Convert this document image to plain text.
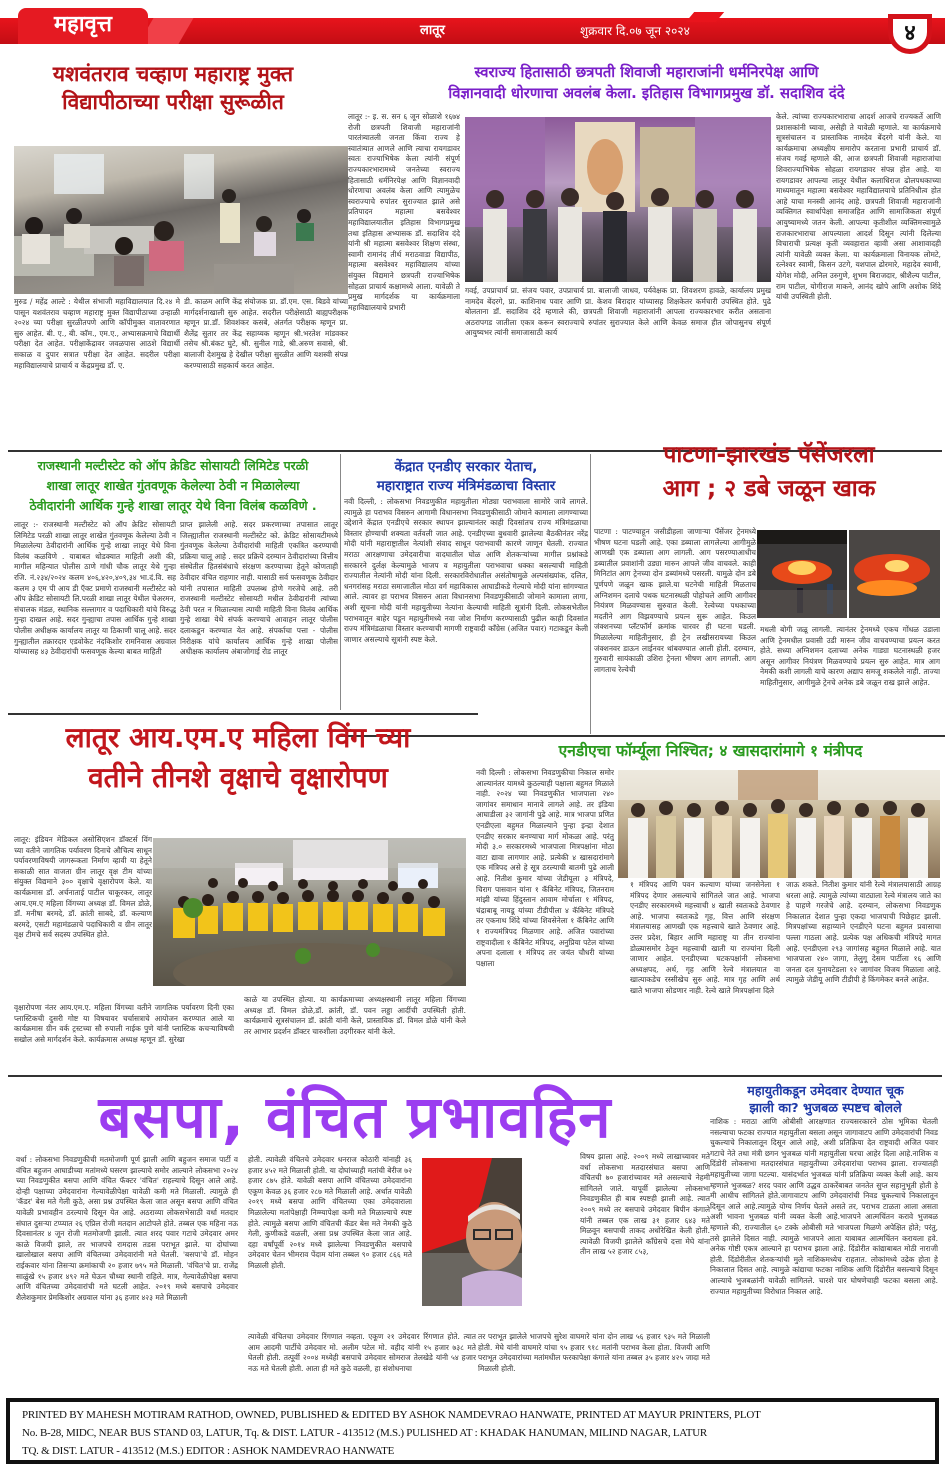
महावृत्त	लातूर	शुक्रवार दि.०७ जून २०२४	४
यशवंतराव चव्हाण महाराष्ट्र मुक्त
विद्यापीठाच्या परीक्षा सुरूळीत
मुरुड / महेंद्र आल्टे : येथील संभाजी महाविद्यालयात दि.२४ मे पासून यशवंतराव चव्हाण महाराष्ट्र मुक्त विद्यापीठाच्या उन्हाळी २०२४ च्या परीक्षा सुरळीतपणे आणि कॉपीमुक्त वातावरणात सुरु आहेत. बी. ए., बी. कॉम., एम.ए., अभ्यासक्रमाचे विद्यार्थी परीक्षा देत आहेत. परीक्षाकेंद्रावर जवळपास आठशे विद्यार्थी सकाळ व दुपार सत्रात परीक्षा देत आहेत. सदरील परीक्षा महाविद्यालयाचे प्राचार्य व केंद्रप्रमुख डॉ. ए.
डी. काळम आणि केंद्र संयोजक प्रा. डॉ.एम. एस. बिडवे यांच्या मार्गदर्शनाखाली सुरु आहेत. सदरील परीक्षेसाठी बाह्यपरीक्षक म्हणून प्रा.डॉ. शिवशंकर कसबे, अंतर्गत परीक्षक म्हणून प्रा. शैलेंद्र सुतार तर केंद्र सहाय्यक म्हणून श्री.भरतेश मांडवकर तसेच श्री.बंकट घुटे, श्री. सुनील गाडे, श्री.अरुण सवासे, श्री. बालाजी देशमुख हे देखील परीक्षा सुरळीत आणि यशस्वी संपन्न करण्यासाठी सहकार्य करत आहेत.
स्वराज्य हितासाठी छत्रपती शिवाजी महाराजांनी धर्मनिरपेक्ष आणि
विज्ञानवादी धोरणाचा अवलंब केला. इतिहास विभागप्रमुख डॉ. सदाशिव दंदे
लातूर :- इ. स. सन ६ जून सोळाशे १६७४ रोजी छत्रपती शिवाजी महाराजांनी पारतंत्र्यातली जनता किंवा राज्य हे स्वातंत्र्यात आणले आणि त्याचा रायगडावर स्वतः राज्याभिषेक केला त्यांनी संपूर्ण राज्यकारभारामध्ये जनतेच्या स्वराज्य हितासाठी धर्मनिरपेक्ष आणि विज्ञानवादी धोरणाचा अवलंब केला आणि त्यामुळेच स्वराज्याचे रुपांतर सुराज्यात झाले असे प्रतिपादन महात्मा बसवेश्वर महाविद्यालयातील इतिहास विभागप्रमुख तथा इतिहास अभ्यासक डॉ. सदाशिव दंदे यांनी श्री महात्मा बसवेश्वर शिक्षण संस्था, स्वामी रामानंद तीर्थ मराठवाडा विद्यापीठ, महात्मा बसवेश्वर महाविद्यालय यांच्या संयुक्त विद्यमाने छत्रपती राज्याभिषेक सोहळा प्राचार्य कक्षामध्ये आला. यावेळी ते प्रमुख मार्गदर्शक या कार्यक्रमाला महाविद्यालयाचे प्रभारी
गवई, उपप्राचार्य प्रा. संजय पवार, उपप्राचार्य प्रा. बालाजी जाधव, पर्यवेक्षक प्रा. शिवशरण हावळे, कार्यालय प्रमुख नामदेव बेंदरगे, प्रा. काशिनाथ पवार आणि प्रा. केशव बिरादार यांच्यासह शिक्षकेतर कर्मचारी उपस्थित होते. पुढे बोलताना डॉ. सदाशिव दंदे म्हणाले की, छत्रपती शिवाजी महाराजांनी आपला राज्यकारभार करीत असताना अठरापगड जातीला एकत्र करून स्वराज्याचे रुपांतर सुराज्यात केले आणि केवळ समाज हीत जोपासुनच संपूर्ण आयुष्यभर त्यांनी समाजासाठी कार्य
केले. त्यांच्या राज्यकारभाराचा आदर्श आजचे राज्यकर्ते आणि प्रशासकांनी घ्यावा, असेही ते यावेळी म्हणाले. या कार्यक्रमाचे सूत्रसंचालन व प्रास्ताविक नामदेव बेंदरगे यांनी केले. या कार्यक्रमाचा अध्यक्षीय समारोप करताना प्रभारी प्राचार्य डॉ. संजय गवई म्हणाले की, आज छत्रपती शिवाजी महाराजांचा शिवराज्याभिषेक सोहळा रायगडावर संपन्न होत आहे. या रायगडावर आपल्या लातूर येथील कलाधिराज ढोलपथकाच्या माध्यमातून महात्मा बसवेश्वर महाविद्यालयाचे प्रतिनिधीत्व होत आहे याचा मनस्वी आनंद आहे. छत्रपती शिवाजी महाराजांनी व्यक्तिगत स्वार्थापेक्षा समाजहित आणि सामाजिकता संपूर्ण आयुष्यामध्ये जतन केली. आपल्या कृतीशील व्यक्तिमत्त्वामुळे राजकारभाराचा आपल्याला आदर्श दिसून त्यांनी दिलेल्या विचाराची प्रत्यक्ष कृती व्यवहारात व्हावी असा आशावादही त्यांनी यावेळी व्यक्त केला. या कार्यक्रमाला विनायक लोमटे, रत्नेश्वर स्वामी, किसन उटगे, यशपाल ढोरमारे, महादेव स्वामी, योगेश मोदी, अनिल उरुगुणे, शुभम बिराजदार, श्रीशैल्य पाटील, राम पाटील, योगीराज माकने, आनंद खोपे आणि अशोक शिंदे यांची उपस्थिती होती.
राजस्थानी मल्टीस्टेट को ऑप क्रेडिट सोसायटी लिमिटेड परळी
शाखा लातूर शाखेत गुंतवणूक केलेल्या ठेवी न मिळालेल्या
ठेवीदारांनी आर्थिक गुन्हे शाखा लातूर येथे विना विलंब कळविणे .
लातूर :- राजस्थानी मल्टीस्टेट को ऑप क्रेडिट सोसायटी लिमिटेड परळी शाखा लातूर शाखेत गुंतवणूक केलेल्या ठेवी न मिळालेल्या ठेवीदारांनी आर्थिक गुन्हे शाखा लातूर येथे विना विलंब कळविणे . याबाबत थोडक्यात माहिती अशी की, मागील महिन्यात पोलीस ठाणे गांधी चौक लातूर येथे गुन्हा रजि. नं.२३४/२०२४ कलम ४०६,४२०,४०९,३४ भा.दं.वि. सह कलम ३ एम पी आय डी ऍक्ट प्रमाणे राजस्थानी मल्टीस्टेट को ऑप क्रेडिट सोसायटी लि.परळी शाखा लातूर येथील चेअरमन, संचालक मंडळ, स्थानिक सल्लागार व पदाधिकारी यांचे विरुद्ध गुन्हा दाखल आहे. सदर गुन्ह्याचा तपास आर्थिक गुन्हे शाखा पोलीस अधीक्षक कार्यालय लातूर या ठिकाणी चालू आहे. सदर गुन्ह्यातील तक्रारदार एडवोकेट नंदकिशोर रामनिवास अग्रवाल यांच्यासह ४३ ठेवीदारांची फसवणूक केल्या बाबत माहिती
प्राप्त झालेली आहे. सदर प्रकरणाच्या तपासात लातूर जिल्ह्यातील राजस्थानी मल्टीस्टेट को. क्रेडिट सोसायटीमध्ये गुंतवणूक केलेल्या ठेवीदारांची माहिती एकत्रित करण्याची प्रक्रिया चालू आहे . सदर प्रक्रिये दरम्यान ठेवीदारांच्या वित्तीय संस्थेतील हितसंबंधाचे संरक्षण करण्याच्या हेतूने कोणताही ठेवीदार वंचित राहणार नाही. यासाठी सर्व फसवणूक ठेवीदार यांनी तपासात माहिती उपलब्ध होणे गरजेचे आहे. तरी राजस्थानी मल्टीस्टेट सोसायटी मधील ठेवीदारांनी त्यांच्या ठेवी परत न मिळाल्यास त्याची माहिती विना विलंब आर्थिक गुन्हे शाखा येथे संपर्क करण्याचे आवाहन लातूर पोलीस दलाकडून करण्यात येत आहे. संपर्काचा पत्ता - पोलीस निरीक्षक यांचे कार्यालय आर्थिक गुन्हे शाखा पोलीस अधीक्षक कार्यालय अंबाजोगाई रोड लातूर
केंद्रात एनडीए सरकार येताच,
महाराष्ट्रात राज्य मंत्रिमंडळाचा विस्तार
नवी दिल्ली, : लोकसभा निवडणुकीत महायुतीला मोठ्या पराभवाला सामोरे जावे लागले. त्यामुळे हा पराभव विसरुन आगामी विधानसभा निवडणुकीसाठी जोमाने कामाला लागण्याच्या उद्देशाने केंद्रात एनडीएचे सरकार स्थापन झाल्यानंतर काही दिवसांतच राज्य मंत्रिमंडळाचा विस्तार होण्याची शक्यता वर्तवली जात आहे. एनडीएच्या बुधवारी झालेल्या बैठकीनंतर नरेंद्र मोदी यांनी महाराष्ट्रातील नेत्यांशी संवाद साधून पराभवाची कारणे जाणून घेतली. राज्यात मराठा आरक्षणाचा उमेदवारीचा वादघातील घोळ आणि शेतकऱ्यांच्या मागील प्रश्नांकडे सरकारने दुर्लक्ष केल्यामुळे भाजप व महायुतीला पराभवाचा धक्का बसल्याची माहिती राज्यातील नेत्यांनी मोदी यांना दिली. सरकारविरोधातील असंतोषामुळे अल्पसंख्यांक, दलित, धनगरांसह मराठा समाजातील मोठा वर्ग महाविकास आघाडीकडे गेल्याचे मोदी यांना सांगण्यात आले. त्यावर हा पराभव विसरुन आता विधानसभा निवडणुकीसाठी जोमाने कामाला लागा, अशी सूचना मोदी यांनी महायुतीच्या नेत्यांना केल्याची माहिती सूत्रांनी दिली. लोकसभेतील पराभवातून बाहेर पडून महायुतीमध्ये नवा जोश निर्माण करण्यासाठी पुढील काही दिवसांत राज्य मंत्रिमंडळाचा विस्तार करण्याची मागणी राष्ट्रवादी काँग्रेस (अजित पवार) गटाकडून केली जाणार असल्याचे सूत्रांनी स्पष्ट केले.
पाटणा-झारखंड पॅसेंजरला
आग ; २ डबे जळून खाक
पाटणा : पाटण्याहून जसीडीहला जाणाऱ्या पॅसेंजर ट्रेनमध्ये भीषण घटना घडली आहे. एका डब्याला लागलेल्या आगीमुळे आणखी एक डब्याला आग लागली. आग पसरण्याआधीच डब्यातील प्रवाशांनी उड्या मारुन आपले जीव वाचवले. काही मिनिटांत आग ट्रेनच्या दोन डब्यांमध्ये पसरली. यामुळे दोन डबे पूर्णपणे जळून खाक झाले.या घटनेची माहिती मिळताच अग्निशमन दलाचे पथक घटनास्थळी पोहोचले आणि आगीवर नियंत्रण मिळवण्यास सुरुवात केली. रेल्वेच्या पथकाच्या मदतीने आग विझवण्याचे प्रयत्न सुरू आहेत. किउल जंक्शनच्या प्लॅटफॉर्म क्रमांक चारवर ही घटना घडली. मिळालेल्या माहितीनुसार, ही ट्रेन लखीसरायच्या किउल जंक्शनवर डाऊन लाईनवर थांबवण्यात आली होती. दरम्यान, गुरुवारी सायंकाळी उशिरा ट्रेनला भीषण आग लागली. आग लागताच रेल्वेची
मधली बोगी जळू लागली. त्यानंतर ट्रेनमध्ये एकच गोंधळ उडाला आणि ट्रेनमधील प्रवासी उडी मारुन जीव वाचवण्याचा प्रयत्न करत होते. सध्या अग्निशमन दलाच्या अनेक गाड्या घटनास्थळी हजर असून आगीवर नियंत्रण मिळवण्याचे प्रयत्न सुरु आहेत. मात्र आग नेमकी कशी लागली याचे कारण अद्याप समजू शकलेले नाही. ताज्या माहितीनुसार, आगीमुळे ट्रेनचे अनेक डबे जळून राख झाले आहेत.
लातूर आय.एम.ए महिला विंग च्या
वतीने तीनशे वृक्षाचे वृक्षारोपण
लातूर: इंडियन मेडिकल असोसिएशन डॉक्टर्स विंग च्या वतीने जागतिक पर्यावरण दिनाचे औचित्य साधून पर्यावरणाविषयी जागरूकता निर्माण व्हावी या हेतूने सकाळी सात वाजता ग्रीन लातूर वृक्ष टीम यांच्या संयुक्त विद्यमाने ३०० वृक्षाचे वृक्षारोपण केले. या कार्यक्रमास डॉ. अर्चनाताई पाटील चाकूरकर, लातूर आय.एम.ए महिला विंगच्या अध्यक्ष डॉ. विमल डोळे, डॉ. मनीषा बरमदे, डॉ. क्रांती साबदे, डॉ. कल्याण बरमदे, एसटी महामंडळाचे पदाधिकारी व ग्रीन लातूर वृक्ष टीमचे सर्व सदस्य उपस्थित होते.
वृक्षारोपणा नंतर आय.एम.ए. महिला विंगच्या वतीने जागतिक पर्यावरण दिनी एका प्लास्टिकची दुसरी गोष्ट या विषयावर चर्चासत्राचे आयोजन करण्यात आले या कार्यक्रमास ग्रीन वर्क ट्रस्टच्या सौ रुपाली नाईक पुणे यांनी प्लास्टिक कचऱ्याविषयी सखोल असे मार्गदर्शन केले. कार्यक्रमास अध्यक्ष म्हणून डॉ. सुरेखा
काळे या उपस्थित होत्या. या कार्यक्रमाच्या अध्यक्षस्थानी लातूर महिला विंगच्या अध्यक्ष डॉ. विमल डोळे,डॉ. क्रांती, डॉ. पवन लड्डा आदींची उपस्थिती होती. कार्यक्रमाचे सूत्रसंचालन डॉ. क्रांती यांनी केले, प्रास्ताविक डॉ. विमल डोळे यांनी केले तर आभार प्रदर्शन डॉक्टर चारुशीला उदगीरकर यांनी केले.
एनडीएचा फॉर्म्यूला निश्चित; ४ खासदारांमागे १ मंत्रीपद
नवी दिल्ली : लोकसभा निवडणुकीचा निकाल समोर आल्यानंतर यामध्ये कुठल्याही पक्षाला बहुमत मिळाले नाही. २०२४ च्या निवडणुकीत भाजपाला २४० जागांवर समाधान मानावे लागले आहे. तर इंडिया आघाडीला ३२ जागांनी पुढे आहे. मात्र भाजपा प्रणित एनडीएला बहुमत मिळाल्याने पुन्हा इन्द्रा देशात एनडीए सरकार बनण्याचा मार्ग मोकळा आहे. परंतु मोदी ३.० सरकारमध्ये भाजपाला मित्रपक्षांना मोठा वाटा द्यावा लागणार आहे. प्रत्येकी ४ खासदारांमागे एक मंत्रिपद असे हे सूत्र ठरल्याची बातमी पुढे आली आहे. नितीश कुमार यांच्या जेडीयूला ३ मंत्रिपदे, चिराग पासवान यांना १ कॅबिनेट मंत्रिपद, जितनराम मांझी यांच्या हिंदुस्तान आवाम मोर्चाला १ मंत्रिपद, चंद्राबाबू नायडू यांच्या टीडीपीला ४ कॅबिनेट मंत्रिपदे तर एकनाथ शिंदे यांच्या शिवसेनेला १ कॅबिनेट आणि १ राज्यमंत्रिपद मिळणार आहे. अजित पवारांच्या राष्ट्रवादीला १ कॅबिनेट मंत्रिपद, अनुप्रिया पटेल यांच्या अपना दलाला १ मंत्रिपद तर जयंत चौधरी यांच्या पक्षाला
१ मंत्रिपद आणि पवन कल्याण यांच्या जनसेनेला १ मंत्रिपद देणार असल्याचे सांगितले जात आहे. भाजपा एनडीए सरकारमध्ये महत्त्वाची ४ खाती स्वतःकडे ठेवणार आहे. भाजपा स्वतःकडे गृह, वित्त आणि संरक्षण मंत्रालयासह आणखी एक महत्त्वाचे खाते ठेवणार आहे. उत्तर प्रदेश, बिहार आणि महाराष्ट्र या तीन राज्यांना डोळ्यासमोर ठेवून महत्त्वाची खाती या राज्यांना दिली जाणार आहेत. एनडीएच्या घटकपक्षांनी लोकसभा अध्यक्षपद, अर्थ, गृह आणि रेल्वे मंत्रालयात वा खात्याकडेच रस्सीखेच सुरु आहे. मात्र गृह आणि अर्थ खाते भाजपा सोडणार नाही. रेल्वे खाते मित्रपक्षांना दिले
जाऊ शकते. नितीश कुमार यांनी रेल्वे मंत्रालयासाठी आग्रह धरला आहे. त्यामुळे त्यांच्या वाट्याला रेल्वे मंत्रालय जाते का हे पाहणे गरजेचे आहे. दरम्यान, लोकसभा निवडणुक निकालात देशात पुन्हा एकदा भाजपाची पिछेहाट झाली. मित्रपक्षांच्या सहाय्याने एनडीएने घटना बहुमत प्रवासाचा पल्ला गाठला आहे. प्रत्येक पक्ष अधिकची मंत्रिपदे मागत आहे. एनडीएला २९३ जागांसह बहुमत मिळाले आहे. यात भाजपाला २४० जागा, तेलुगू देसम पार्टीला १६ आणि जनता दल युनायटेडला १२ जागांवर विजय मिळाला आहे. त्यामुळे जेडीयू आणि टीडीपी हे किंगमेकर बनले आहेत.
बसपा, वंचित प्रभावहिन
वर्धा : लोकसभा निवडणुकीची मतमोजणी पूर्ण झाली आणि बहुजन समाज पार्टी व वंचित बहुजन आघाडीच्या मतांमध्ये घसरण झाल्याचे समोर आल्याने लोकसभा २०२४ च्या निवडणुकीत बसपा आणि वंचित फॅक्टर 'वंचित' राहल्याचे दिसून आले आहे. दोन्ही पक्षाच्या उमेदवारांना गेल्यावेळीपेक्षा यावेळी कमी मते मिळाली. त्यामुळे ही 'कॅडर' बेस मते गेली कुठे, असा प्रश्न उपस्थित केला जात असून बसपा आणि वंचित यावेळी प्रभावहीन ठरल्याचे दिसून येत आहे. अठराव्या लोकसभेसाठी वर्धा मतदार संघात दुसऱ्या टप्प्यात २६ एप्रिल रोजी मतदान आटोपले होते. तब्बल एक महिना नऊ दिवसानंतर ४ जून रोजी मतमोजणी झाली. त्यात शरद पवार गटाचे उमेदवार अमर काळे विजयी झाले, तर भाजपचे रामदास तडस पराभूत झाले. या दोघांच्या खालोखाल बसपा आणि वंचितच्या उमेदवारांनी मते घेतली. 'बसपा'चे डॉ. मोहन राईकवार यांना तिसऱ्या क्रमांकाची २० हजार ७९५ मते मिळाली. 'वंचित'चे प्रा. राजेंद्र साळुंखे १५ हजार ४९२ मते घेऊन चौथ्या स्थानी राहिले. मात्र, गेल्यावेळीपेक्षा बसपा आणि वंचितच्या उमेदवारांची मते घटली आहेत. २०१९ मध्ये बसपाचे उमेदवार शैलेशकुमार प्रेमकिशोर अग्रवाल यांना ३६ हजार ४२३ मते मिळाली
होती. त्यावेळी वंचितचे उमेदवार धनराज कोठारी यांनाही ३६ हजार ४५२ मते मिळाली होती. या दोघांच्याही मतांची बेरीज ७२ हजार ८७५ होते. यावेळी बसपा आणि वंचितच्या उमेदवारांना एकूण केवळ ३६ हजार २८७ मते मिळाली आहे. अर्थात यावेळी २०१९ मध्ये बसपा आणि वंचितच्या एका उमेदवाराला मिळालेल्या मतांपेक्षाही निम्म्यापेक्षा कमी मते मिळाल्याचे स्पष्ट होते. त्यामुळे बसपा आणि वंचितची कॅडर बेस मते नेमकी कुठे गेली, कुणीकडे वळली, असा प्रश्न उपस्थित केला जात आहे. दहा वर्षांपूर्वी २०१४ मध्ये झालेल्या निवडणुकीत बसपाचे उमेदवार चेतन भीमराव पेंदाम यांना तब्बल ९० हजार ८६६ मते मिळाली होती.
त्यावेळी वंचितचा उमेदवार रिंगणात नव्हता. एकूण २१ उमेदवार रिंगणात होते. त्यात आम आदमी पार्टीचे उमेदवार मो. अलीम पटेल मो. वहीद यांनी १५ हजार ७३८ मते घेतली होती. तत्पूर्वी २००४ मध्येही बसपाचे उमेदवार सोमराज तेलखेडे यांनी ५४ हजार नऊ मते घेतली होती. आता ही मते कुठे वळली, हा संशोधनाचा
विषय झाला आहे. २००९ मध्ये लाखाच्यावर मते वर्धा लोकसभा मतदारसंघात बसपा आणि वंचितची ७० हजारांच्यावर मते असल्याचे नेहमी सांगितले जाते. यापूर्वी झालेल्या लोकसभा निवडणुकीत ही बाब स्पष्टही झाली आहे. त्यात २००९ मध्ये तर बसपाचे उमेदवार बिपीन कंगाले यांनी तब्बल एक लाख ३१ हजार ६४३ मते मिळवून बसपाची ताकद अधोरेखित केली होती. त्यावेळी विजयी झालेले काँग्रेसचे दत्ता मेघे यांना तीन लाख ५२ हजार ८५३,
तर पराभूत झालेले भाजपचे सुरेश वाघमारे यांना दोन लाख ५६ हजार ९३५ मते मिळाली होती. मेघे यांनी वाघमारे यांचा ९५ हजार ९१८ मतांनी पराभव केला होता. विजयी आणि पराभूत उमेदवारांच्या मतांमधील फरकापेक्षा कंगाले यांना तब्बल ३५ हजार ४२५ जादा मते मिळाली होती.
महायुतीकडून उमेदवार देण्यात चूक
झाली का? भुजबळ स्पष्टच बोलले
नाशिक : मराठा आणि ओबीसी आरक्षणात राज्यसरकारने ठोस भूमिका घेतली नसल्याचा फटका राज्यात महायुतीला बसला असून जागावाटप आणि उमेदवारांची निवड चुकल्याचे निकालातून दिसून आले आहे, अशी प्रतिक्रिया देत राष्ट्रवादी अजित पवार गटाचे नेते तथा मंत्री छगन भुजबळ यांनी महायुतीला घरचा आहेर दिला आहे.नाशिक व दिंडोरी लोकसभा मतदारसंघात महायुतीच्या उमेदवारांचा पराभव झाला. राज्यातही महायुतीच्या जागा घटल्या. यासंदर्भात भुजबळ यांनी प्रतिक्रिया व्यक्त केली आहे. काय म्हणाले भुजबळ? शरद पवार आणि उद्धव ठाकरेंबाबत जनतेत सुप्त सहानुभूती होती हे मी आधीच सांगितले होते.जागावाटप आणि उमेदवारांची निवड चुकल्याचे निकालातून दिसून आले आहे.त्यामुळे योग्य निर्णय घेतले असते तर, पराभव टाळता आला असता अशी भावना भुजबळ यांनी व्यक्त केली आहे.भाजपने आत्मचिंतन करावे भुजबळ म्हणाले की, राज्यातील ६० टक्के ओबीसी मते भाजपला मिळणे अपेक्षित होते; परंतु, तसे झालेले दिसत नाही. त्यामुळे भाजपने आता याबाबत आत्मचिंतन करायला हवे. अनेक गोष्टी एकत्र आल्याने हा पराभव झाला आहे. दिंडोरीत कांद्याबाबत मोठी नाराजी होती. दिंडोरीतील शेतकऱ्यांची मुले नाशिकमध्येच राहतात. लोकांमध्ये उद्रेक होता हे निकालात दिसत आहे. त्यामुळे कांद्याचा फटका नाशिक आणि दिंडोरीत बसल्याचे दिसून आल्याचे भुजबळांनी यावेळी सांगितले. चारशे पार घोषणेचाही फटका बसला आहे. राज्यात महायुतीच्या विरोधात निकाल आहे.
PRINTED BY MAHESH MOTIRAM RATHOD, OWNED, PUBLISHED & EDITED BY ASHOK NAMDEVRAO HANWATE, PRINTED AT MAYUR PRINTERS, PLOT
No. B-28, MIDC, NEAR BUS STAND 03, LATUR, Tq. & DIST. LATUR - 413512 (M.S.) PULISHED AT : KHADAK HANUMAN, MILIND NAGAR, LATUR
TQ. & DIST. LATUR - 413512 (M.S.) EDITOR : ASHOK NAMDEVRAO HANWATE
